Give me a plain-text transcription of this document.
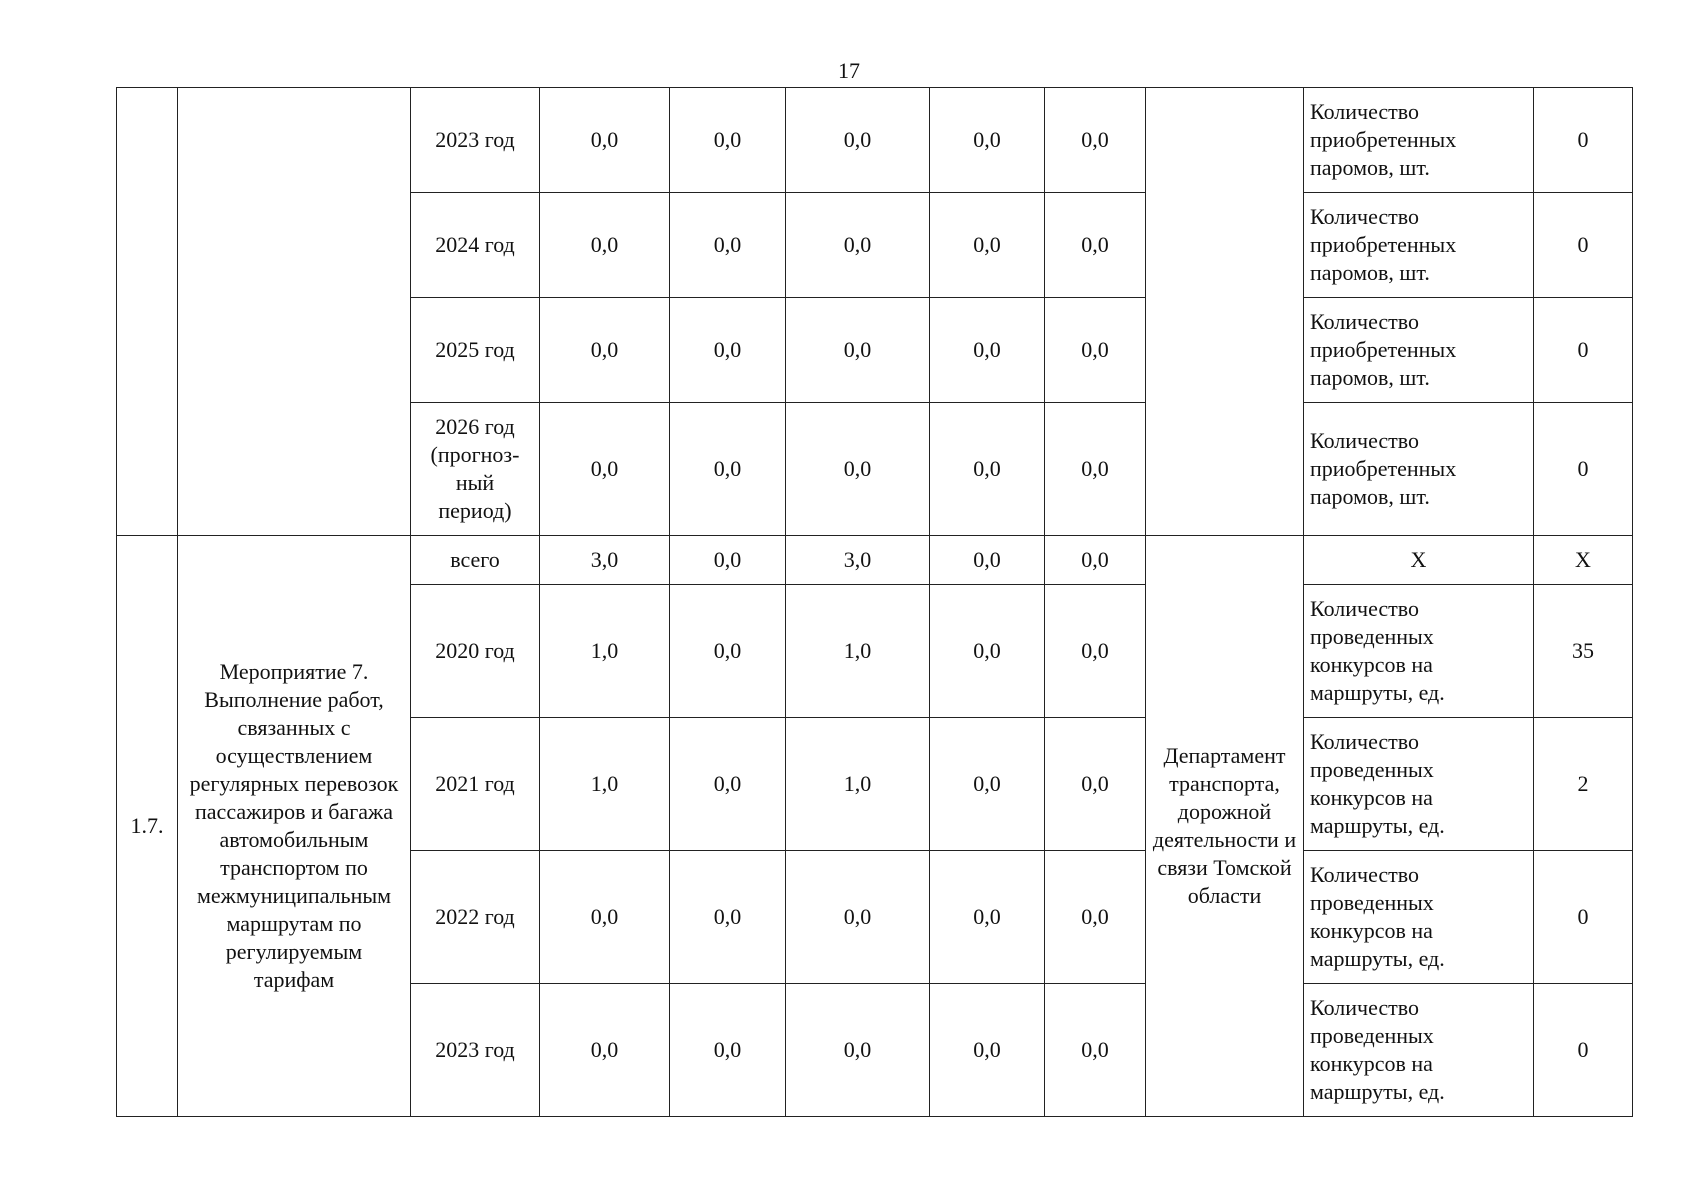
17
		2023 год	0,0	0,0	0,0	0,0	0,0		Количество приобретенных паромов, шт.	0
		2024 год	0,0	0,0	0,0	0,0	0,0		Количество приобретенных паромов, шт.	0
		2025 год	0,0	0,0	0,0	0,0	0,0		Количество приобретенных паромов, шт.	0
		2026 год (прогноз-ный период)	0,0	0,0	0,0	0,0	0,0		Количество приобретенных паромов, шт.	0
1.7.	Мероприятие 7. Выполнение работ, связанных с осуществлением регулярных перевозок пассажиров и багажа автомобильным транспортом по межмуниципальным маршрутам по регулируемым тарифам	всего	3,0	0,0	3,0	0,0	0,0	Департамент транспорта, дорожной деятельности и связи Томской области	Х	Х
		2020 год	1,0	0,0	1,0	0,0	0,0		Количество проведенных конкурсов на маршруты, ед.	35
		2021 год	1,0	0,0	1,0	0,0	0,0		Количество проведенных конкурсов на маршруты, ед.	2
		2022 год	0,0	0,0	0,0	0,0	0,0		Количество проведенных конкурсов на маршруты, ед.	0
		2023 год	0,0	0,0	0,0	0,0	0,0		Количество проведенных конкурсов на маршруты, ед.	0
